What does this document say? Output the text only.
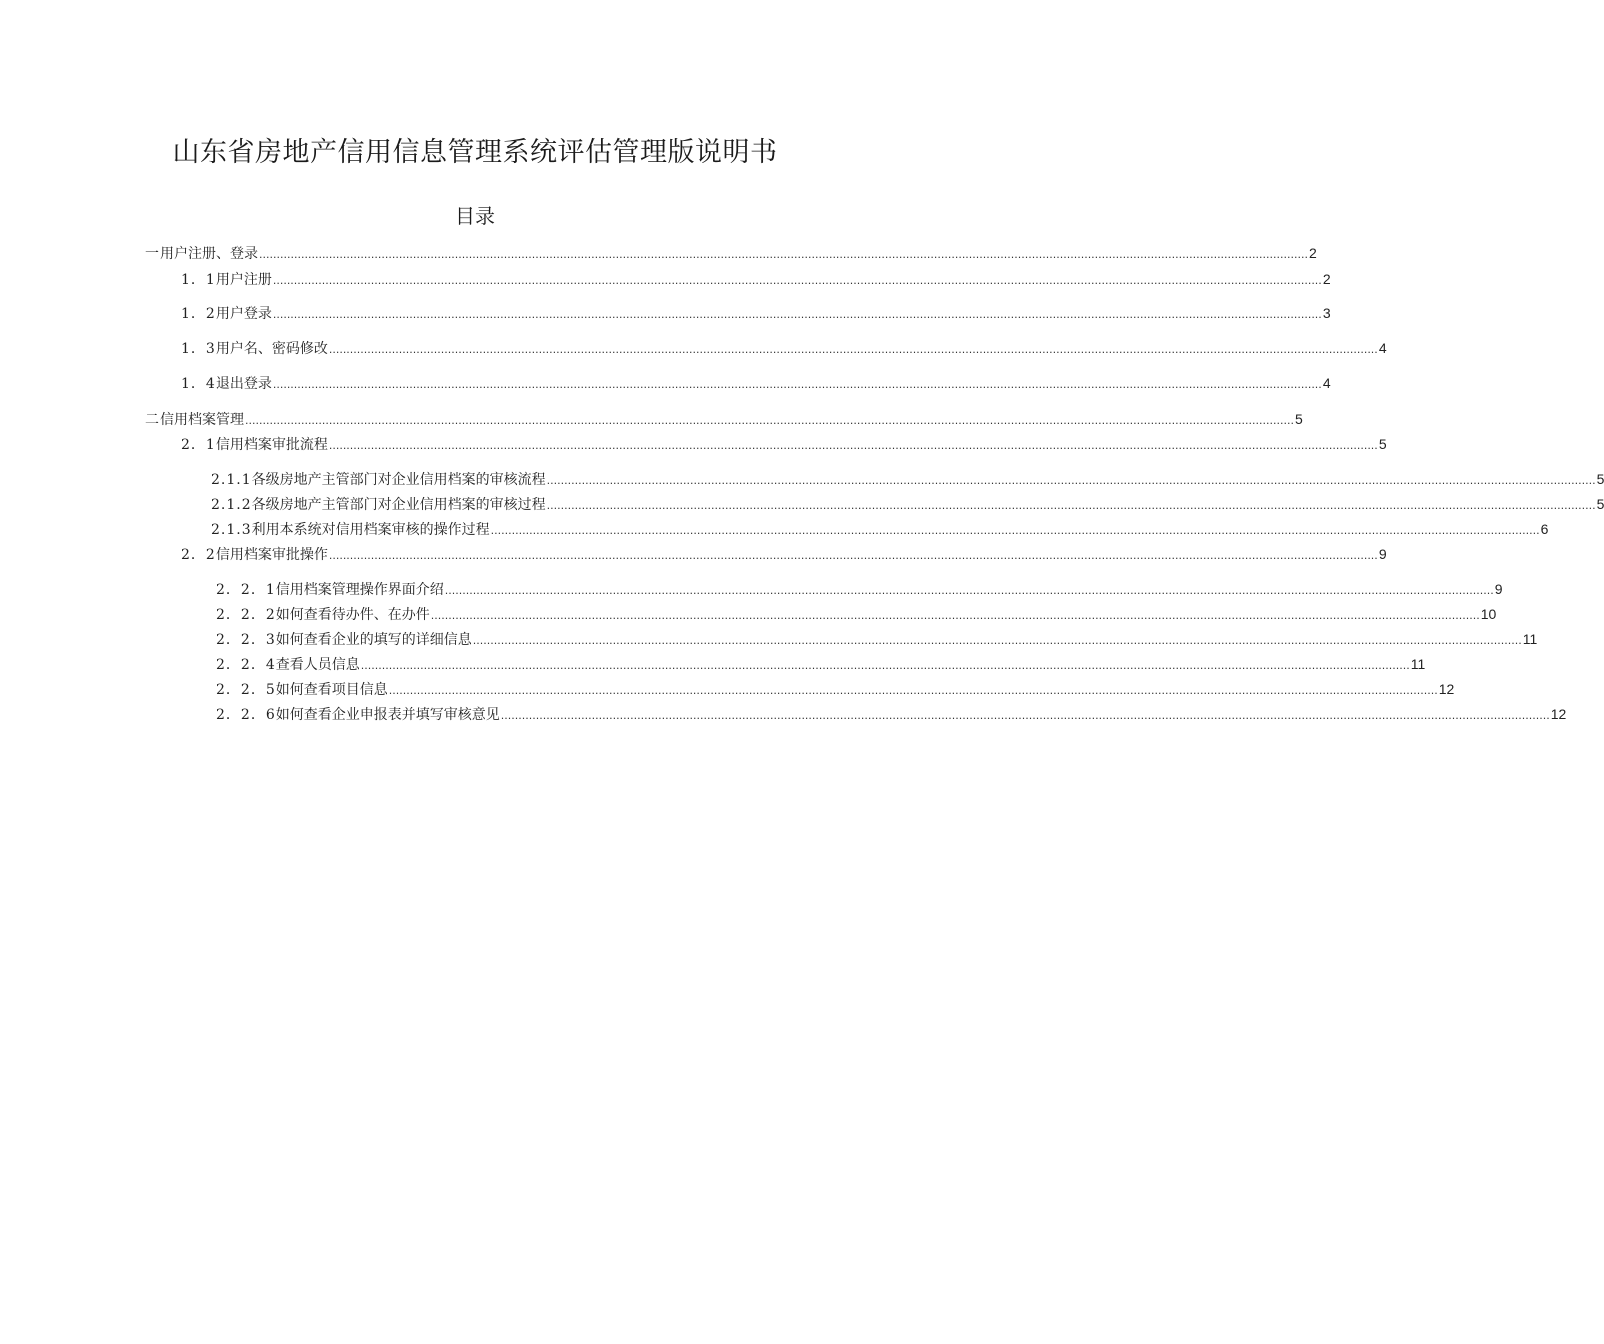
山东省房地产信用信息管理系统评估管理版说明书
目录
一 用户注册、登录 ............................................................................................................................................................................................................................................................................................................ 2
1．1 用户注册 ............................................................................................................................................................................................................................................................................................................ 2
1．2 用户登录 ............................................................................................................................................................................................................................................................................................................ 3
1．3 用户名、密码修改 ............................................................................................................................................................................................................................................................................................................ 4
1．4 退出登录 ............................................................................................................................................................................................................................................................................................................ 4
二 信用档案管理 ............................................................................................................................................................................................................................................................................................................ 5
2．1 信用档案审批流程 ............................................................................................................................................................................................................................................................................................................ 5
2.1.1 各级房地产主管部门对企业信用档案的审核流程 ............................................................................................................................................................................................................................................................................................................ 5
2.1.2 各级房地产主管部门对企业信用档案的审核过程 ............................................................................................................................................................................................................................................................................................................ 5
2.1.3 利用本系统对信用档案审核的操作过程 ............................................................................................................................................................................................................................................................................................................ 6
2．2 信用档案审批操作 ............................................................................................................................................................................................................................................................................................................ 9
2．2．1 信用档案管理操作界面介绍 ............................................................................................................................................................................................................................................................................................................ 9
2．2．2 如何查看待办件、在办件 ............................................................................................................................................................................................................................................................................................................ 10
2．2．3 如何查看企业的填写的详细信息 ............................................................................................................................................................................................................................................................................................................ 11
2．2．4 查看人员信息 ............................................................................................................................................................................................................................................................................................................ 11
2．2．5 如何查看项目信息 ............................................................................................................................................................................................................................................................................................................ 12
2．2．6 如何查看企业申报表并填写审核意见 ............................................................................................................................................................................................................................................................................................................ 12
